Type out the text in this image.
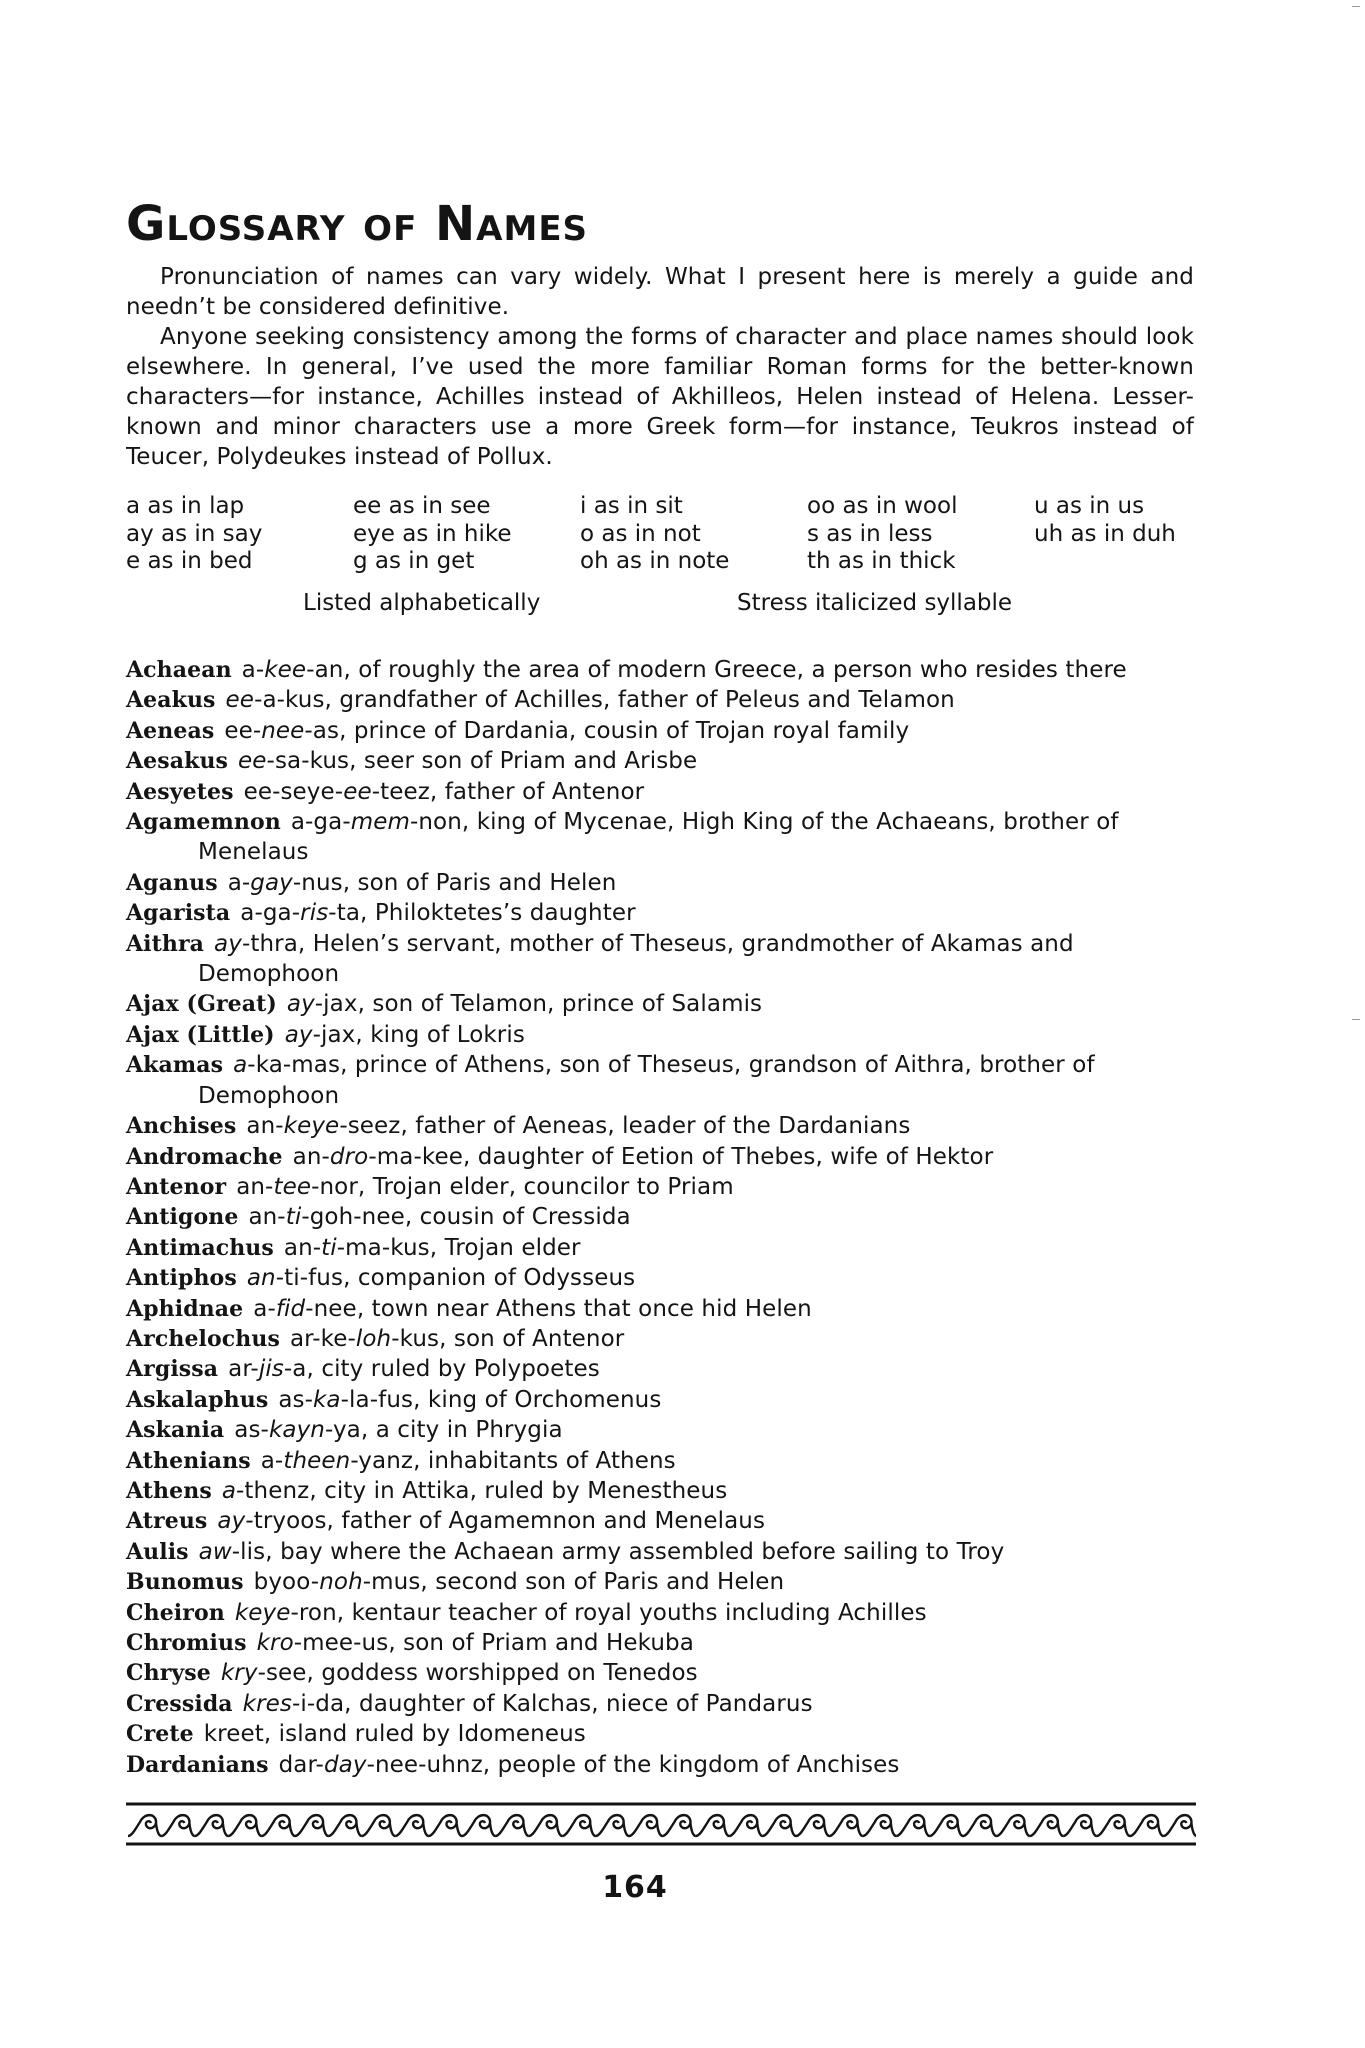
Glossary of Names

Pronunciation of names can vary widely. What I present here is merely a guide and needn’t be considered definitive.

Anyone seeking consistency among the forms of character and place names should look elsewhere. In general, I’ve used the more familiar Roman forms for the better-known characters—for instance, Achilles instead of Akhilleos, Helen instead of Helena. Lesser-known and minor characters use a more Greek form—for instance, Teukros instead of Teucer, Polydeukes instead of Pollux.

a as in lap
ay as in say
e as in bed
ee as in see
eye as in hike
g as in get
i as in sit
o as in not
oh as in note
oo as in wool
s as in less
th as in thick
u as in us
uh as in duh
Listed alphabetically	Stress italicized syllable
Achaean a-kee-an, of roughly the area of modern Greece, a person who resides there
Aeakus ee-a-kus, grandfather of Achilles, father of Peleus and Telamon
Aeneas ee-nee-as, prince of Dardania, cousin of Trojan royal family
Aesakus ee-sa-kus, seer son of Priam and Arisbe
Aesyetes ee-seye-ee-teez, father of Antenor
Agamemnon a-ga-mem-non, king of Mycenae, High King of the Achaeans, brother of Menelaus
Aganus a-gay-nus, son of Paris and Helen
Agarista a-ga-ris-ta, Philoktetes’s daughter
Aithra ay-thra, Helen’s servant, mother of Theseus, grandmother of Akamas and Demophoon
Ajax (Great) ay-jax, son of Telamon, prince of Salamis
Ajax (Little) ay-jax, king of Lokris
Akamas a-ka-mas, prince of Athens, son of Theseus, grandson of Aithra, brother of Demophoon
Anchises an-keye-seez, father of Aeneas, leader of the Dardanians
Andromache an-dro-ma-kee, daughter of Eetion of Thebes, wife of Hektor
Antenor an-tee-nor, Trojan elder, councilor to Priam
Antigone an-ti-goh-nee, cousin of Cressida
Antimachus an-ti-ma-kus, Trojan elder
Antiphos an-ti-fus, companion of Odysseus
Aphidnae a-fid-nee, town near Athens that once hid Helen
Archelochus ar-ke-loh-kus, son of Antenor
Argissa ar-jis-a, city ruled by Polypoetes
Askalaphus as-ka-la-fus, king of Orchomenus
Askania as-kayn-ya, a city in Phrygia
Athenians a-theen-yanz, inhabitants of Athens
Athens a-thenz, city in Attika, ruled by Menestheus
Atreus ay-tryoos, father of Agamemnon and Menelaus
Aulis aw-lis, bay where the Achaean army assembled before sailing to Troy
Bunomus byoo-noh-mus, second son of Paris and Helen
Cheiron keye-ron, kentaur teacher of royal youths including Achilles
Chromius kro-mee-us, son of Priam and Hekuba
Chryse kry-see, goddess worshipped on Tenedos
Cressida kres-i-da, daughter of Kalchas, niece of Pandarus
Crete kreet, island ruled by Idomeneus
Dardanians dar-day-nee-uhnz, people of the kingdom of Anchises
164
